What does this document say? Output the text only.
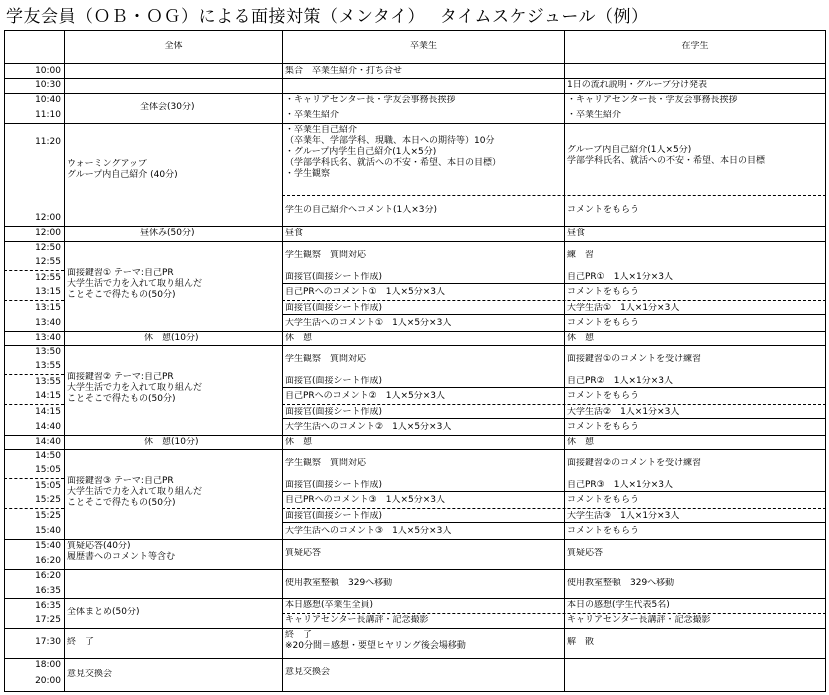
学友会員（ＯＢ・ＯＧ）による面接対策（メンタイ）　 タイムスケジュール（例）
全体	卒業生	在学生
10:00
10:30
10:40
11:10
11:20
12:00
12:00
12:50
12:55
12:55
13:15
13:15
13:40
13:40
13:50
13:55
13:55
14:15
14:15
14:40
14:40
14:50
15:05
15:05
15:25
15:25
15:40
15:40
16:20
16:20
16:35
16:35
17:25
17:30
18:00
20:00
全体会(30分)
ウォーミングアップ
グループ内自己紹介 (40分)
昼休み(50分)
面接鍵習① テーマ:自己PR
大学生活で力を入れて取り組んだ
ことそこで得たもの(50分)
休　憩(10分)
面接鍵習② テーマ:自己PR
大学生活で力を入れて取り組んだ
ことそこで得たもの(50分)
休　憩(10分)
面接鍵習③ テーマ:自己PR
大学生活で力を入れて取り組んだ
ことそこで得たもの(50分)
質疑応答(40分)
履歴書へのコメント等含む
全体まとめ(50分)
終　了
意見交換会
集合　卒業生紹介・打ち合せ
・キャリアセンター長・学友会事務長挨拶
・卒業生紹介
・卒業生自己紹介
（卒業年、学部学科、現職、本日への期待等）10分
・グループ内学生自己紹介(1人×5分)
（学部学科氏名、就活への不安・希望、本日の目標）
・学生観察
学生の自己紹介へコメント(1人×3分)
昼食
学生観察　質問対応
面接官(面接シート作成)
自己PRへのコメント①　1人×5分×3人
面接官(面接シート作成)
大学生活へのコメント①　1人×5分×3人
休　憩
学生観察　質問対応
面接官(面接シート作成)
自己PRへのコメント②　1人×5分×3人
面接官(面接シート作成)
大学生活へのコメント②　1人×5分×3人
休　憩
学生観察　質問対応
面接官(面接シート作成)
自己PRへのコメント③　1人×5分×3人
面接官(面接シート作成)
大学生活へのコメント③　1人×5分×3人
質疑応答
使用教室整頓　329へ移動
本日感想(卒業生全員)
キャリアセンター長講評・記念撮影
終　了
※20分間＝感想・要望ヒヤリング後会場移動
意見交換会
1日の流れ説明・グループ分け発表
・キャリアセンター長・学友会事務長挨拶
・卒業生紹介
グループ内自己紹介(1人×5分)
学部学科氏名、就活への不安・希望、本日の目標
コメントをもらう
昼食
練　習
自己PR①　1人×1分×3人
コメントをもらう
大学生活①　1人×1分×3人
コメントをもらう
休　憩
面接鍵習①のコメントを受け練習
自己PR②　1人×1分×3人
コメントをもらう
大学生活②　1人×1分×3人
コメントをもらう
休　憩
面接鍵習②のコメントを受け練習
自己PR③　1人×1分×3人
コメントをもらう
大学生活③　1人×1分×3人
コメントをもらう
質疑応答
使用教室整頓　329へ移動
本日の感想(学生代表5名)
キャリアセンター長講評・記念撮影
解　散
